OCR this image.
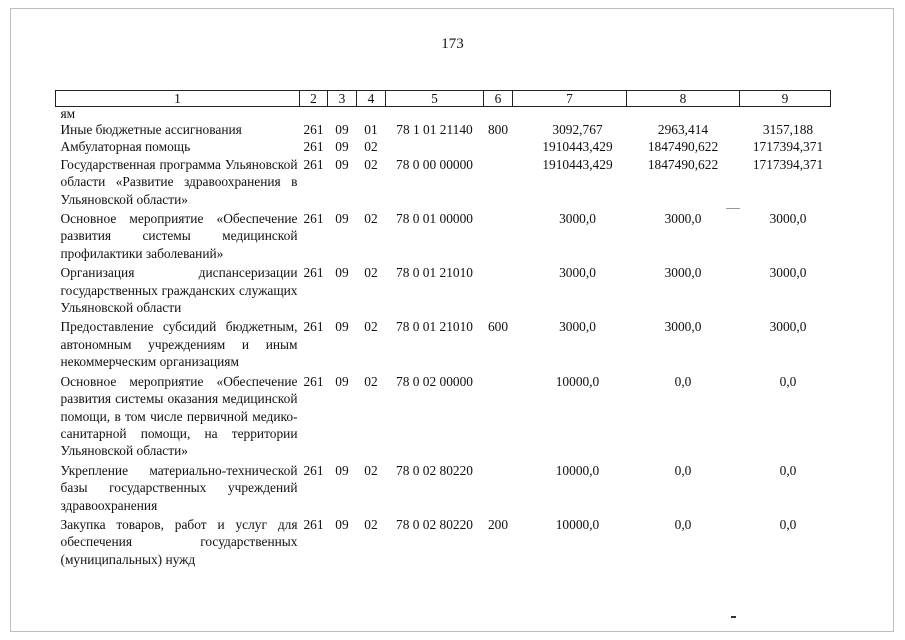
173
1	2	3	4	5	6	7	8	9
ям								
Иные бюджетные ассигнования	261	09	01	78 1 01 21140	800	3092,767	2963,414	3157,188
Амбулаторная помощь	261	09	02			1910443,429	1847490,622	1717394,371
Государственная программа Ульяновской области «Развитие здравоохранения в Ульяновской области»	261	09	02	78 0 00 00000		1910443,429	1847490,622	1717394,371
Основное мероприятие «Обеспечение развития системы медицинской профилактики заболеваний»	261	09	02	78 0 01 00000		3000,0	3000,0	3000,0
Организация диспансеризации государственных гражданских служащих Ульяновской области	261	09	02	78 0 01 21010		3000,0	3000,0	3000,0
Предоставление субсидий бюджетным, автономным учреждениям и иным некоммерческим организациям	261	09	02	78 0 01 21010	600	3000,0	3000,0	3000,0
Основное мероприятие «Обеспечение развития системы оказания медицинской помощи, в том числе первичной медико-санитарной помощи, на территории Ульяновской области»	261	09	02	78 0 02 00000		10000,0	0,0	0,0
Укрепление материально-технической базы государственных учреждений здравоохранения	261	09	02	78 0 02 80220		10000,0	0,0	0,0
Закупка товаров, работ и услуг для обеспечения государственных (муниципальных) нужд	261	09	02	78 0 02 80220	200	10000,0	0,0	0,0
